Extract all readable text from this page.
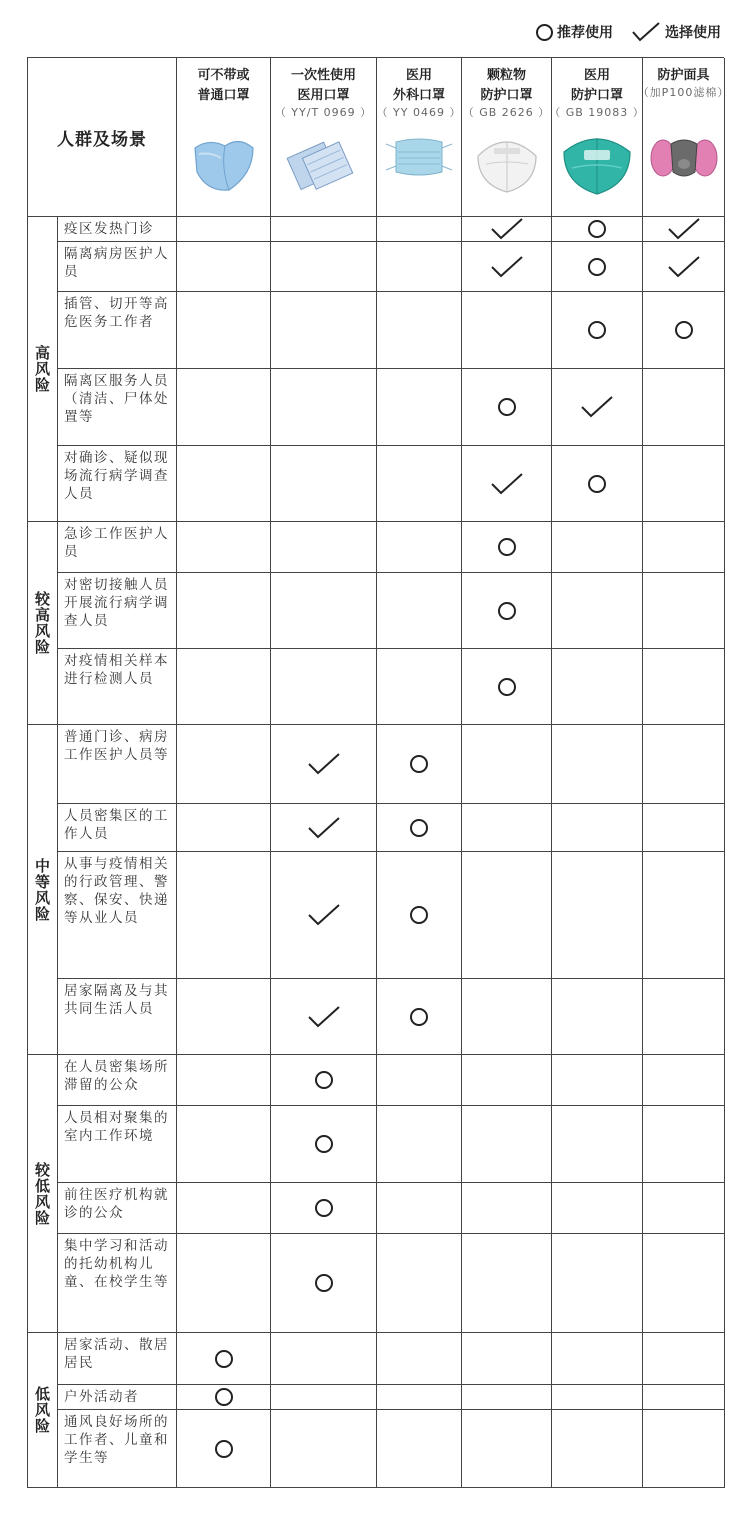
推荐使用	选择使用
人群及场景
可不带或
普通口罩
一次性使用
医用口罩
（ YY/T 0969 ）
医用
外科口罩
（ YY 0469 ）
颗粒物
防护口罩
（ GB 2626 ）
医用
防护口罩
（ GB 19083 ）
防护面具
（加P100滤棉）
高风险
疫区发热门诊
隔离病房医护人员
插管、切开等高危医务工作者
隔离区服务人员（清洁、尸体处置等
对确诊、疑似现场流行病学调查人员
较高风险
急诊工作医护人员
对密切接触人员开展流行病学调查人员
对疫情相关样本进行检测人员
中等风险
普通门诊、病房工作医护人员等
人员密集区的工作人员
从事与疫情相关的行政管理、警察、保安、快递等从业人员
居家隔离及与其共同生活人员
较低风险
在人员密集场所滞留的公众
人员相对聚集的室内工作环境
前往医疗机构就诊的公众
集中学习和活动的托幼机构儿童、在校学生等
低风险
居家活动、散居居民
户外活动者
通风良好场所的工作者、儿童和学生等
